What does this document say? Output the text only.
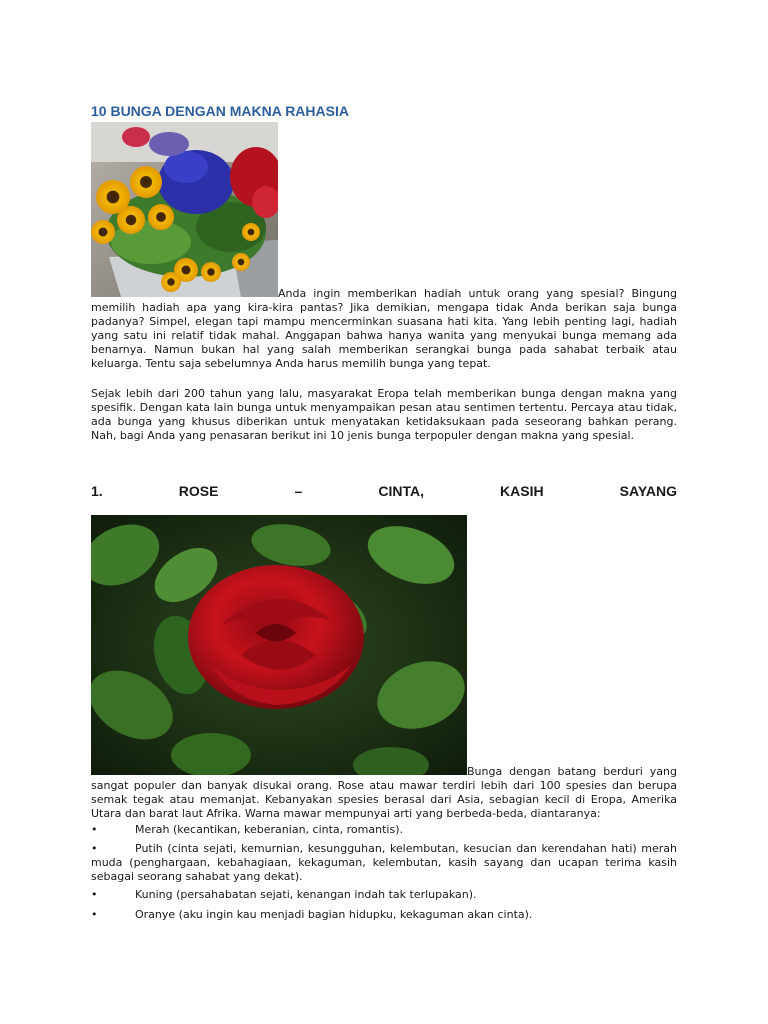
10 BUNGA DENGAN MAKNA RAHASIA

Anda ingin memberikan hadiah untuk orang yang spesial? Bingung memilih hadiah apa yang kira-kira pantas? Jika demikian, mengapa tidak Anda berikan saja bunga padanya? Simpel, elegan tapi mampu mencerminkan suasana hati kita. Yang lebih penting lagi, hadiah yang satu ini relatif tidak mahal. Anggapan bahwa hanya wanita yang menyukai bunga memang ada benarnya. Namun bukan hal yang salah memberikan serangkai bunga pada sahabat terbaik atau keluarga. Tentu saja sebelumnya Anda harus memilih bunga yang tepat.

Sejak lebih dari 200 tahun yang lalu, masyarakat Eropa telah memberikan bunga dengan makna yang spesifik. Dengan kata lain bunga untuk menyampaikan pesan atau sentimen tertentu. Percaya atau tidak, ada bunga yang khusus diberikan untuk menyatakan ketidaksukaan pada seseorang bahkan perang. Nah, bagi Anda yang penasaran berikut ini 10 jenis bunga terpopuler dengan makna yang spesial.

1.	ROSE	–	CINTA,	KASIH	SAYANG

Bunga dengan batang berduri yang sangat populer dan banyak disukai orang. Rose atau mawar terdiri lebih dari 100 spesies dan berupa semak tegak atau memanjat. Kebanyakan spesies berasal dari Asia, sebagian kecil di Eropa, Amerika Utara dan barat laut Afrika. Warna mawar mempunyai arti yang berbeda-beda, diantaranya:

•	Merah (kecantikan, keberanian, cinta, romantis).
•	Putih (cinta sejati, kemurnian, kesungguhan, kelembutan, kesucian dan kerendahan hati) merah muda (penghargaan, kebahagiaan, kekaguman, kelembutan, kasih sayang dan ucapan terima kasih sebagai seorang sahabat yang dekat).
•	Kuning (persahabatan sejati, kenangan indah tak terlupakan).
•	Oranye (aku ingin kau menjadi bagian hidupku, kekaguman akan cinta).
